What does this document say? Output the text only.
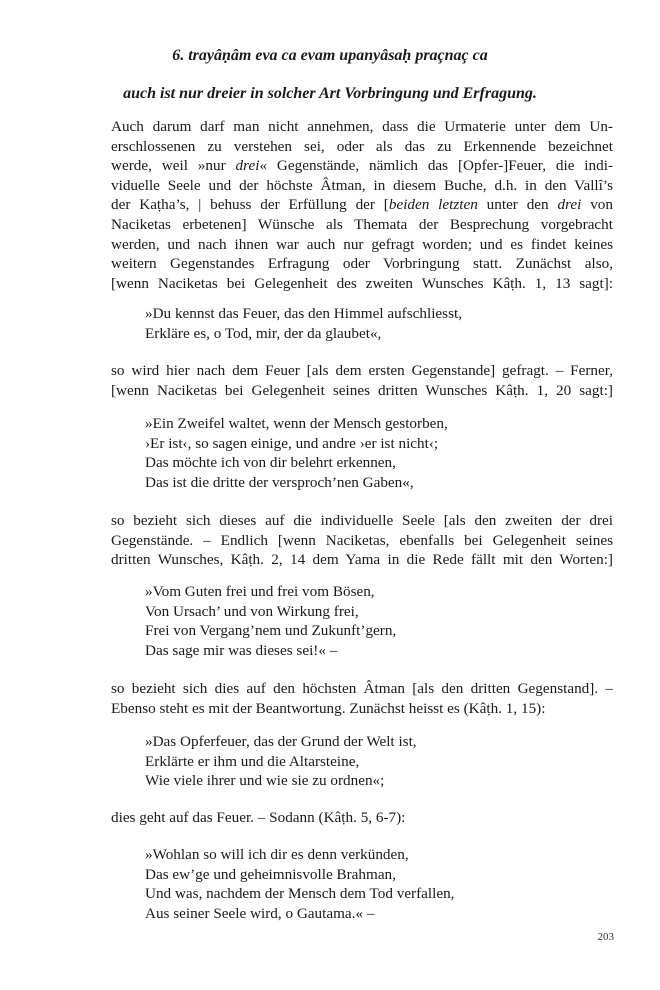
6. trayâṇâm eva ca evam upanyâsaḥ praçnaç ca
auch ist nur dreier in solcher Art Vorbringung und Erfragung.
Auch darum darf man nicht annehmen, dass die Urmaterie unter dem Un-
erschlossenen zu verstehen sei, oder als das zu Erkennende bezeichnet
werde, weil »nur drei« Gegenstände, nämlich das [Opfer-]Feuer, die indi-
viduelle Seele und der höchste Âtman, in diesem Buche, d.h. in den Vallî’s
der Kaṭha’s, | behuss der Erfüllung der [beiden letzten unter den drei von
Naciketas erbetenen] Wünsche als Themata der Besprechung vorgebracht
werden, und nach ihnen war auch nur gefragt worden; und es findet keines
weitern Gegenstandes Erfragung oder Vorbringung statt. Zunächst also,
[wenn Naciketas bei Gelegenheit des zweiten Wunsches Kâṭh. 1, 13 sagt]:
»Du kennst das Feuer, das den Himmel aufschliesst,
Erkläre es, o Tod, mir, der da glaubet«,
so wird hier nach dem Feuer [als dem ersten Gegenstande] gefragt. – Ferner,
[wenn Naciketas bei Gelegenheit seines dritten Wunsches Kâṭh. 1, 20 sagt:]
»Ein Zweifel waltet, wenn der Mensch gestorben,
›Er ist‹, so sagen einige, und andre ›er ist nicht‹;
Das möchte ich von dir belehrt erkennen,
Das ist die dritte der versproch’nen Gaben«,
so bezieht sich dieses auf die individuelle Seele [als den zweiten der drei
Gegenstände. – Endlich [wenn Naciketas, ebenfalls bei Gelegenheit seines
dritten Wunsches, Kâṭh. 2, 14 dem Yama in die Rede fällt mit den Worten:]
»Vom Guten frei und frei vom Bösen,
Von Ursach’ und von Wirkung frei,
Frei von Vergang’nem und Zukunft’gern,
Das sage mir was dieses sei!« –
so bezieht sich dies auf den höchsten Âtman [als den dritten Gegenstand]. –
Ebenso steht es mit der Beantwortung. Zunächst heisst es (Kâṭh. 1, 15):
»Das Opferfeuer, das der Grund der Welt ist,
Erklärte er ihm und die Altarsteine,
Wie viele ihrer und wie sie zu ordnen«;
dies geht auf das Feuer. – Sodann (Kâṭh. 5, 6-7):
»Wohlan so will ich dir es denn verkünden,
Das ew’ge und geheimnisvolle Brahman,
Und was, nachdem der Mensch dem Tod verfallen,
Aus seiner Seele wird, o Gautama.« –
203
